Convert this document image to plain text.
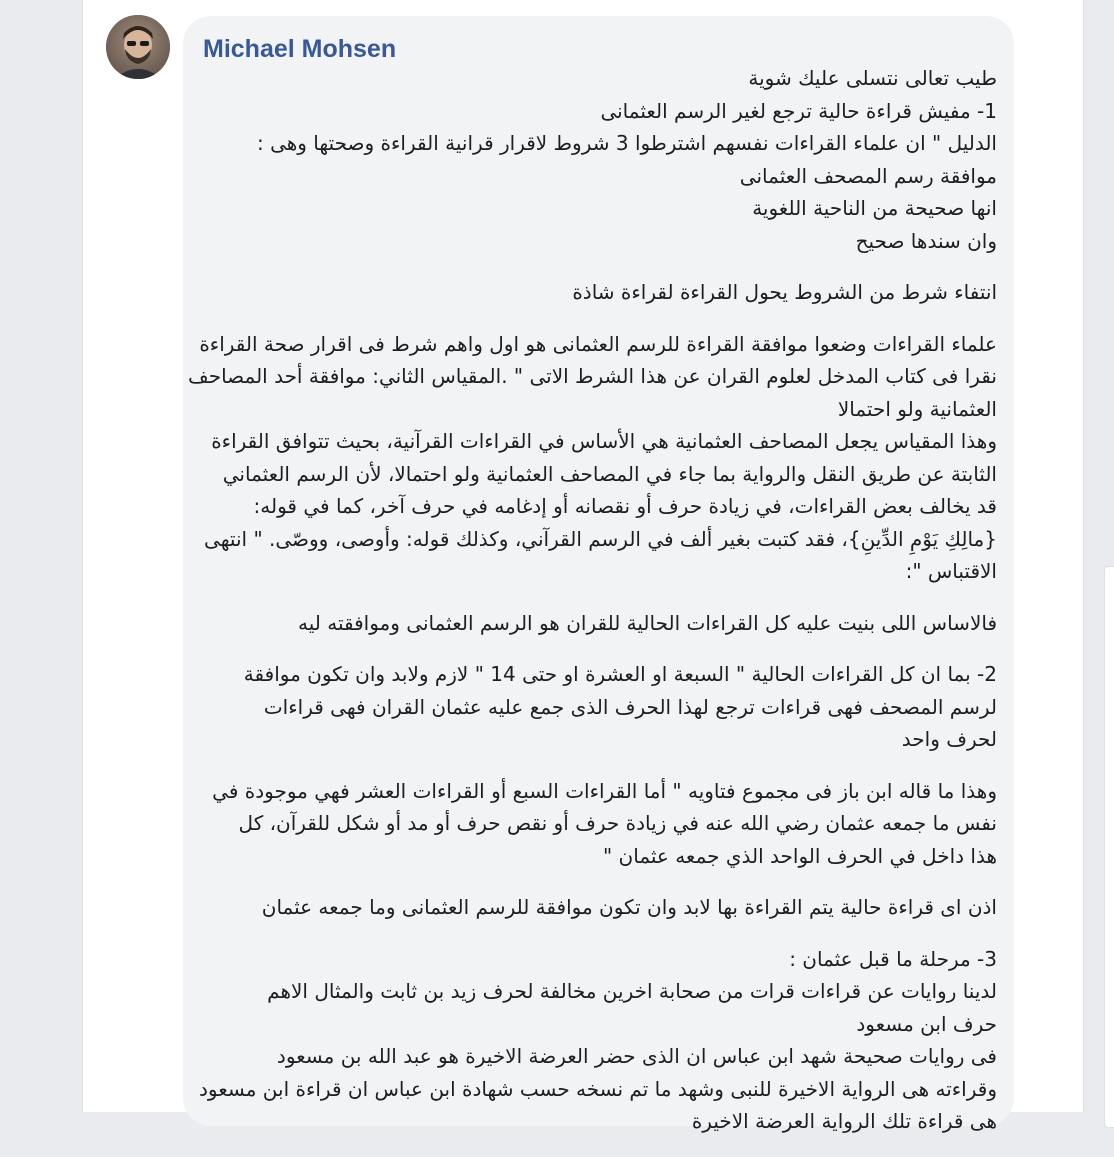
Michael Mohsen

طيب تعالى نتسلى عليك شوية
1- مفيش قراءة حالية ترجع لغير الرسم العثمانى
الدليل " ان علماء القراءات نفسهم اشترطوا 3 شروط لاقرار قرانية القراءة وصحتها وهى :
موافقة رسم المصحف العثمانى
انها صحيحة من الناحية اللغوية
وان سندها صحيح

انتفاء شرط من الشروط يحول القراءة لقراءة شاذة

علماء القراءات وضعوا موافقة القراءة للرسم العثمانى هو اول واهم شرط فى اقرار صحة القراءة
نقرا فى كتاب المدخل لعلوم القران عن هذا الشرط الاتى " .المقياس الثاني: موافقة أحد المصاحف
العثمانية ولو احتمالا
وهذا المقياس يجعل المصاحف العثمانية هي الأساس في القراءات القرآنية، بحيث تتوافق القراءة
الثابتة عن طريق النقل والرواية بما جاء في المصاحف العثمانية ولو احتمالا، لأن الرسم العثماني
قد يخالف بعض القراءات، في زيادة حرف أو نقصانه أو إدغامه في حرف آخر، كما في قوله:
{مالِكِ يَوْمِ الدِّينِ}، فقد كتبت بغير ألف في الرسم القرآني، وكذلك قوله: وأوصى، ووصّى. " انتهى
الاقتباس ":

فالاساس اللى بنيت عليه كل القراءات الحالية للقران هو الرسم العثمانى وموافقته ليه

2- بما ان كل القراءات الحالية " السبعة او العشرة او حتى 14 " لازم ولابد وان تكون موافقة
لرسم المصحف فهى قراءات ترجع لهذا الحرف الذى جمع عليه عثمان القران فهى قراءات
لحرف واحد

وهذا ما قاله ابن باز فى مجموع فتاويه " أما القراءات السبع أو القراءات العشر فهي موجودة في
نفس ما جمعه عثمان رضي الله عنه في زيادة حرف أو نقص حرف أو مد أو شكل للقرآن، كل
هذا داخل في الحرف الواحد الذي جمعه عثمان "

اذن اى قراءة حالية يتم القراءة بها لابد وان تكون موافقة للرسم العثمانى وما جمعه عثمان

3- مرحلة ما قبل عثمان :
لدينا روايات عن قراءات قرات من صحابة اخرين مخالفة لحرف زيد بن ثابت والمثال الاهم
حرف ابن مسعود
فى روايات صحيحة شهد ابن عباس ان الذى حضر العرضة الاخيرة هو عبد الله بن مسعود
وقراءته هى الرواية الاخيرة للنبى وشهد ما تم نسخه حسب شهادة ابن عباس ان قراءة ابن مسعود
هى قراءة تلك الرواية العرضة الاخيرة
